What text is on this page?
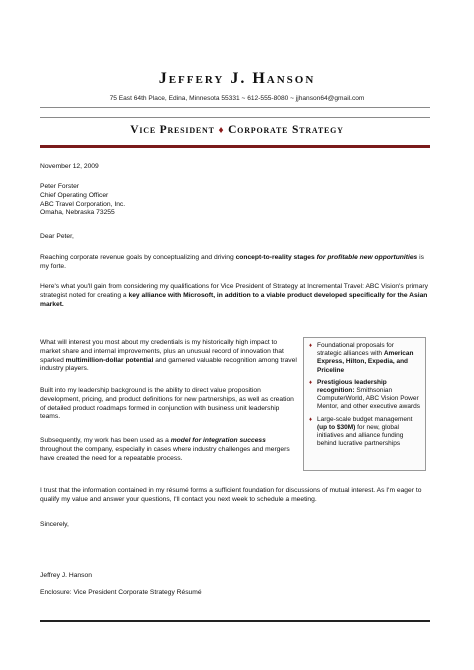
Jeffery J. Hanson
75 East 64th Place, Edina, Minnesota 55331 ~ 612-555-8080 ~ jjhanson64@gmail.com
Vice President ♦ Corporate Strategy
November 12, 2009
Peter Forster
Chief Operating Officer
ABC Travel Corporation, Inc.
Omaha, Nebraska 73255
Dear Peter,
Reaching corporate revenue goals by conceptualizing and driving concept-to-reality stages for profitable new opportunities is my forte.
Here's what you'll gain from considering my qualifications for Vice President of Strategy at Incremental Travel: ABC Vision's primary strategist noted for creating a key alliance with Microsoft, in addition to a viable product developed specifically for the Asian market.
What will interest you most about my credentials is my historically high impact to market share and internal improvements, plus an unusual record of innovation that sparked multimillion-dollar potential and garnered valuable recognition among travel industry players.
Built into my leadership background is the ability to direct value proposition development, pricing, and product definitions for new partnerships, as well as creation of detailed product roadmaps formed in conjunction with business unit leadership teams.
Subsequently, my work has been used as a model for integration success throughout the company, especially in cases where industry challenges and mergers have created the need for a repeatable process.
♦ Foundational proposals for strategic alliances with American Express, Hilton, Expedia, and Priceline
♦ Prestigious leadership recognition: Smithsonian ComputerWorld, ABC Vision Power Mentor, and other executive awards
♦ Large-scale budget management (up to $30M) for new, global initiatives and alliance funding behind lucrative partnerships
I trust that the information contained in my résumé forms a sufficient foundation for discussions of mutual interest. As I'm eager to qualify my value and answer your questions, I'll contact you next week to schedule a meeting.
Sincerely,
Jeffrey J. Hanson
Enclosure: Vice President Corporate Strategy Résumé
